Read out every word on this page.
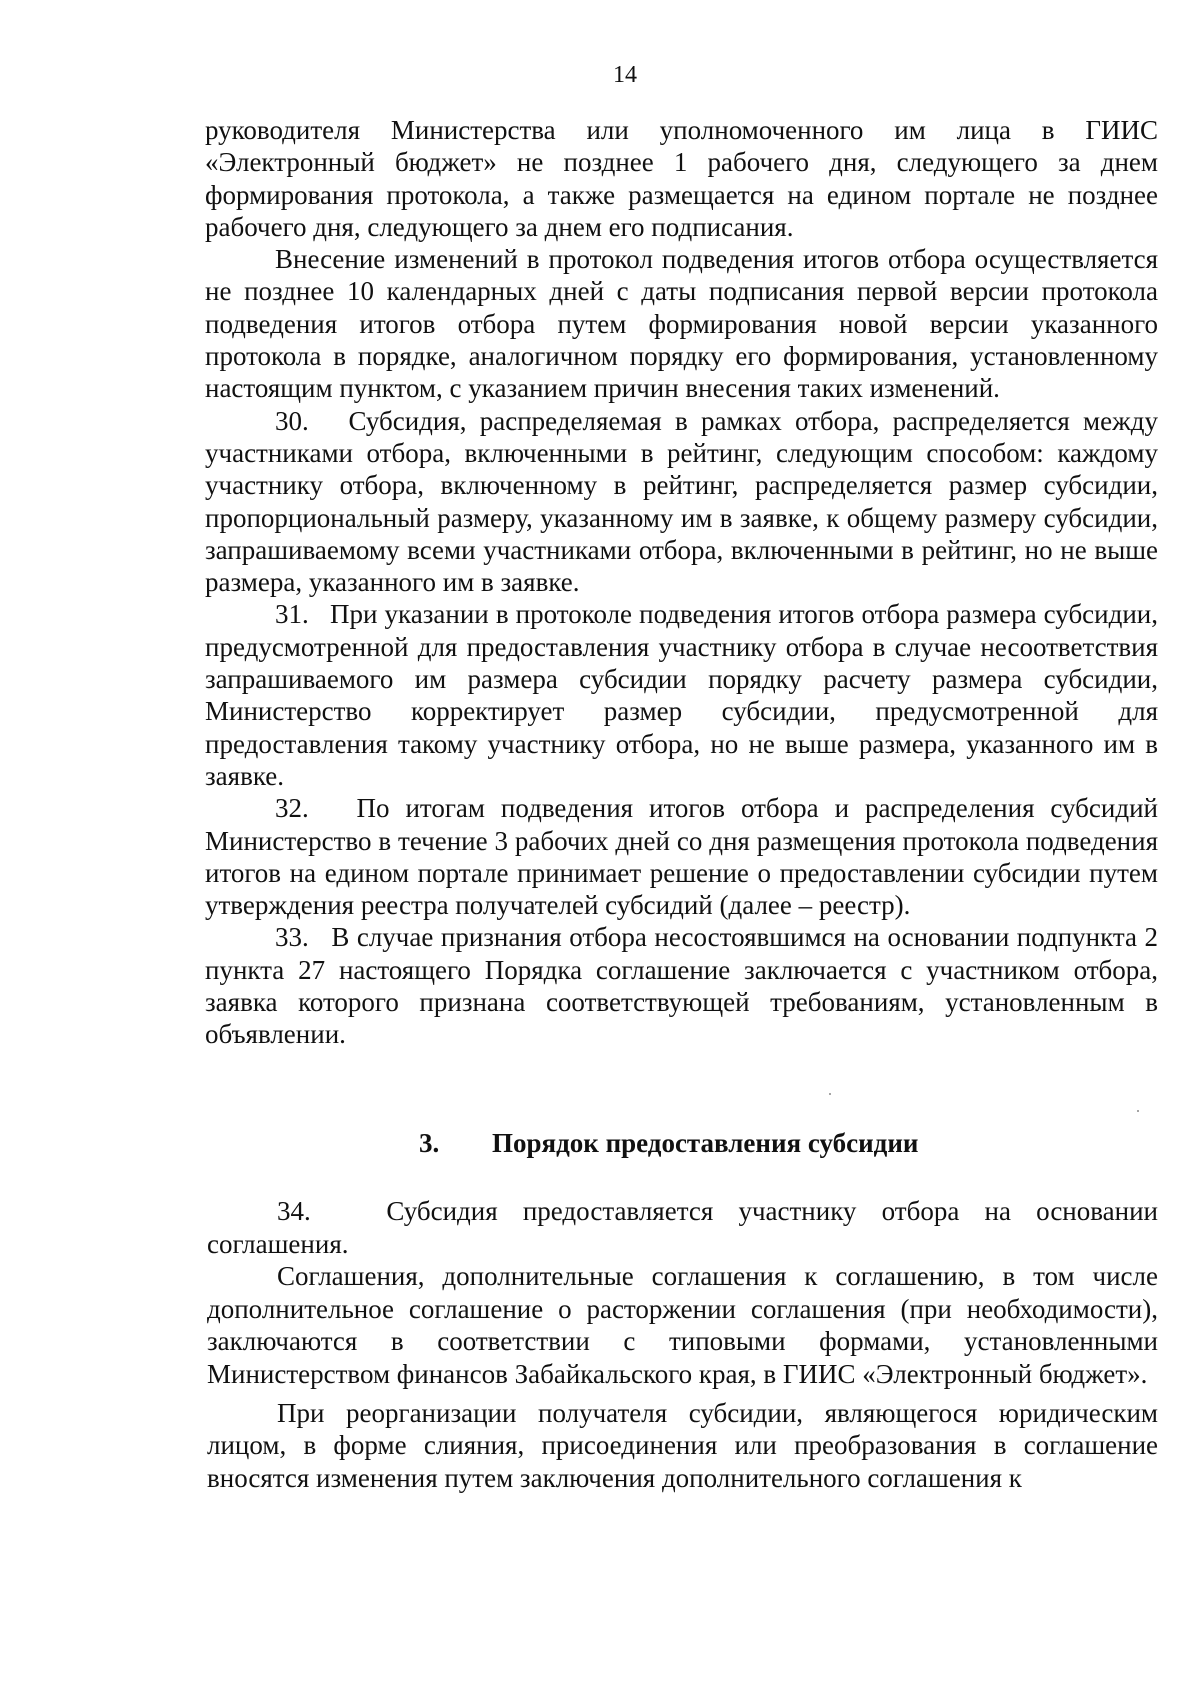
14

руководителя Министерства или уполномоченного им лица в ГИИС «Электронный бюджет» не позднее 1 рабочего дня, следующего за днем формирования протокола, а также размещается на едином портале не позднее рабочего дня, следующего за днем его подписания.

Внесение изменений в протокол подведения итогов отбора осуществляется не позднее 10 календарных дней с даты подписания первой версии протокола подведения итогов отбора путем формирования новой версии указанного протокола в порядке, аналогичном порядку его формирования, установленному настоящим пунктом, с указанием причин внесения таких изменений.

30.   Субсидия, распределяемая в рамках отбора, распределяется между участниками отбора, включенными в рейтинг, следующим способом: каждому участнику отбора, включенному в рейтинг, распределяется размер субсидии, пропорциональный размеру, указанному им в заявке, к общему размеру субсидии, запрашиваемому всеми участниками отбора, включенными в рейтинг, но не выше размера, указанного им в заявке.

31.   При указании в протоколе подведения итогов отбора размера субсидии, предусмотренной для предоставления участнику отбора в случае несоответствия запрашиваемого им размера субсидии порядку расчету размера субсидии, Министерство корректирует размер субсидии, предусмотренной для предоставления такому участнику отбора, но не выше размера, указанного им в заявке.

32.   По итогам подведения итогов отбора и распределения субсидий Министерство в течение 3 рабочих дней со дня размещения протокола подведения итогов на едином портале принимает решение о предоставлении субсидии путем утверждения реестра получателей субсидий (далее – реестр).

33.   В случае признания отбора несостоявшимся на основании подпункта 2 пункта 27 настоящего Порядка соглашение заключается с участником отбора, заявка которого признана соответствующей требованиям, установленным в объявлении.

3. Порядок предоставления субсидии

34.   Субсидия предоставляется участнику отбора на основании соглашения.

Соглашения, дополнительные соглашения к соглашению, в том числе дополнительное соглашение о расторжении соглашения (при необходимости), заключаются в соответствии с типовыми формами, установленными Министерством финансов Забайкальского края, в ГИИС «Электронный бюджет».

При реорганизации получателя субсидии, являющегося юридическим лицом, в форме слияния, присоединения или преобразования в соглашение вносятся изменения путем заключения дополнительного соглашения к
